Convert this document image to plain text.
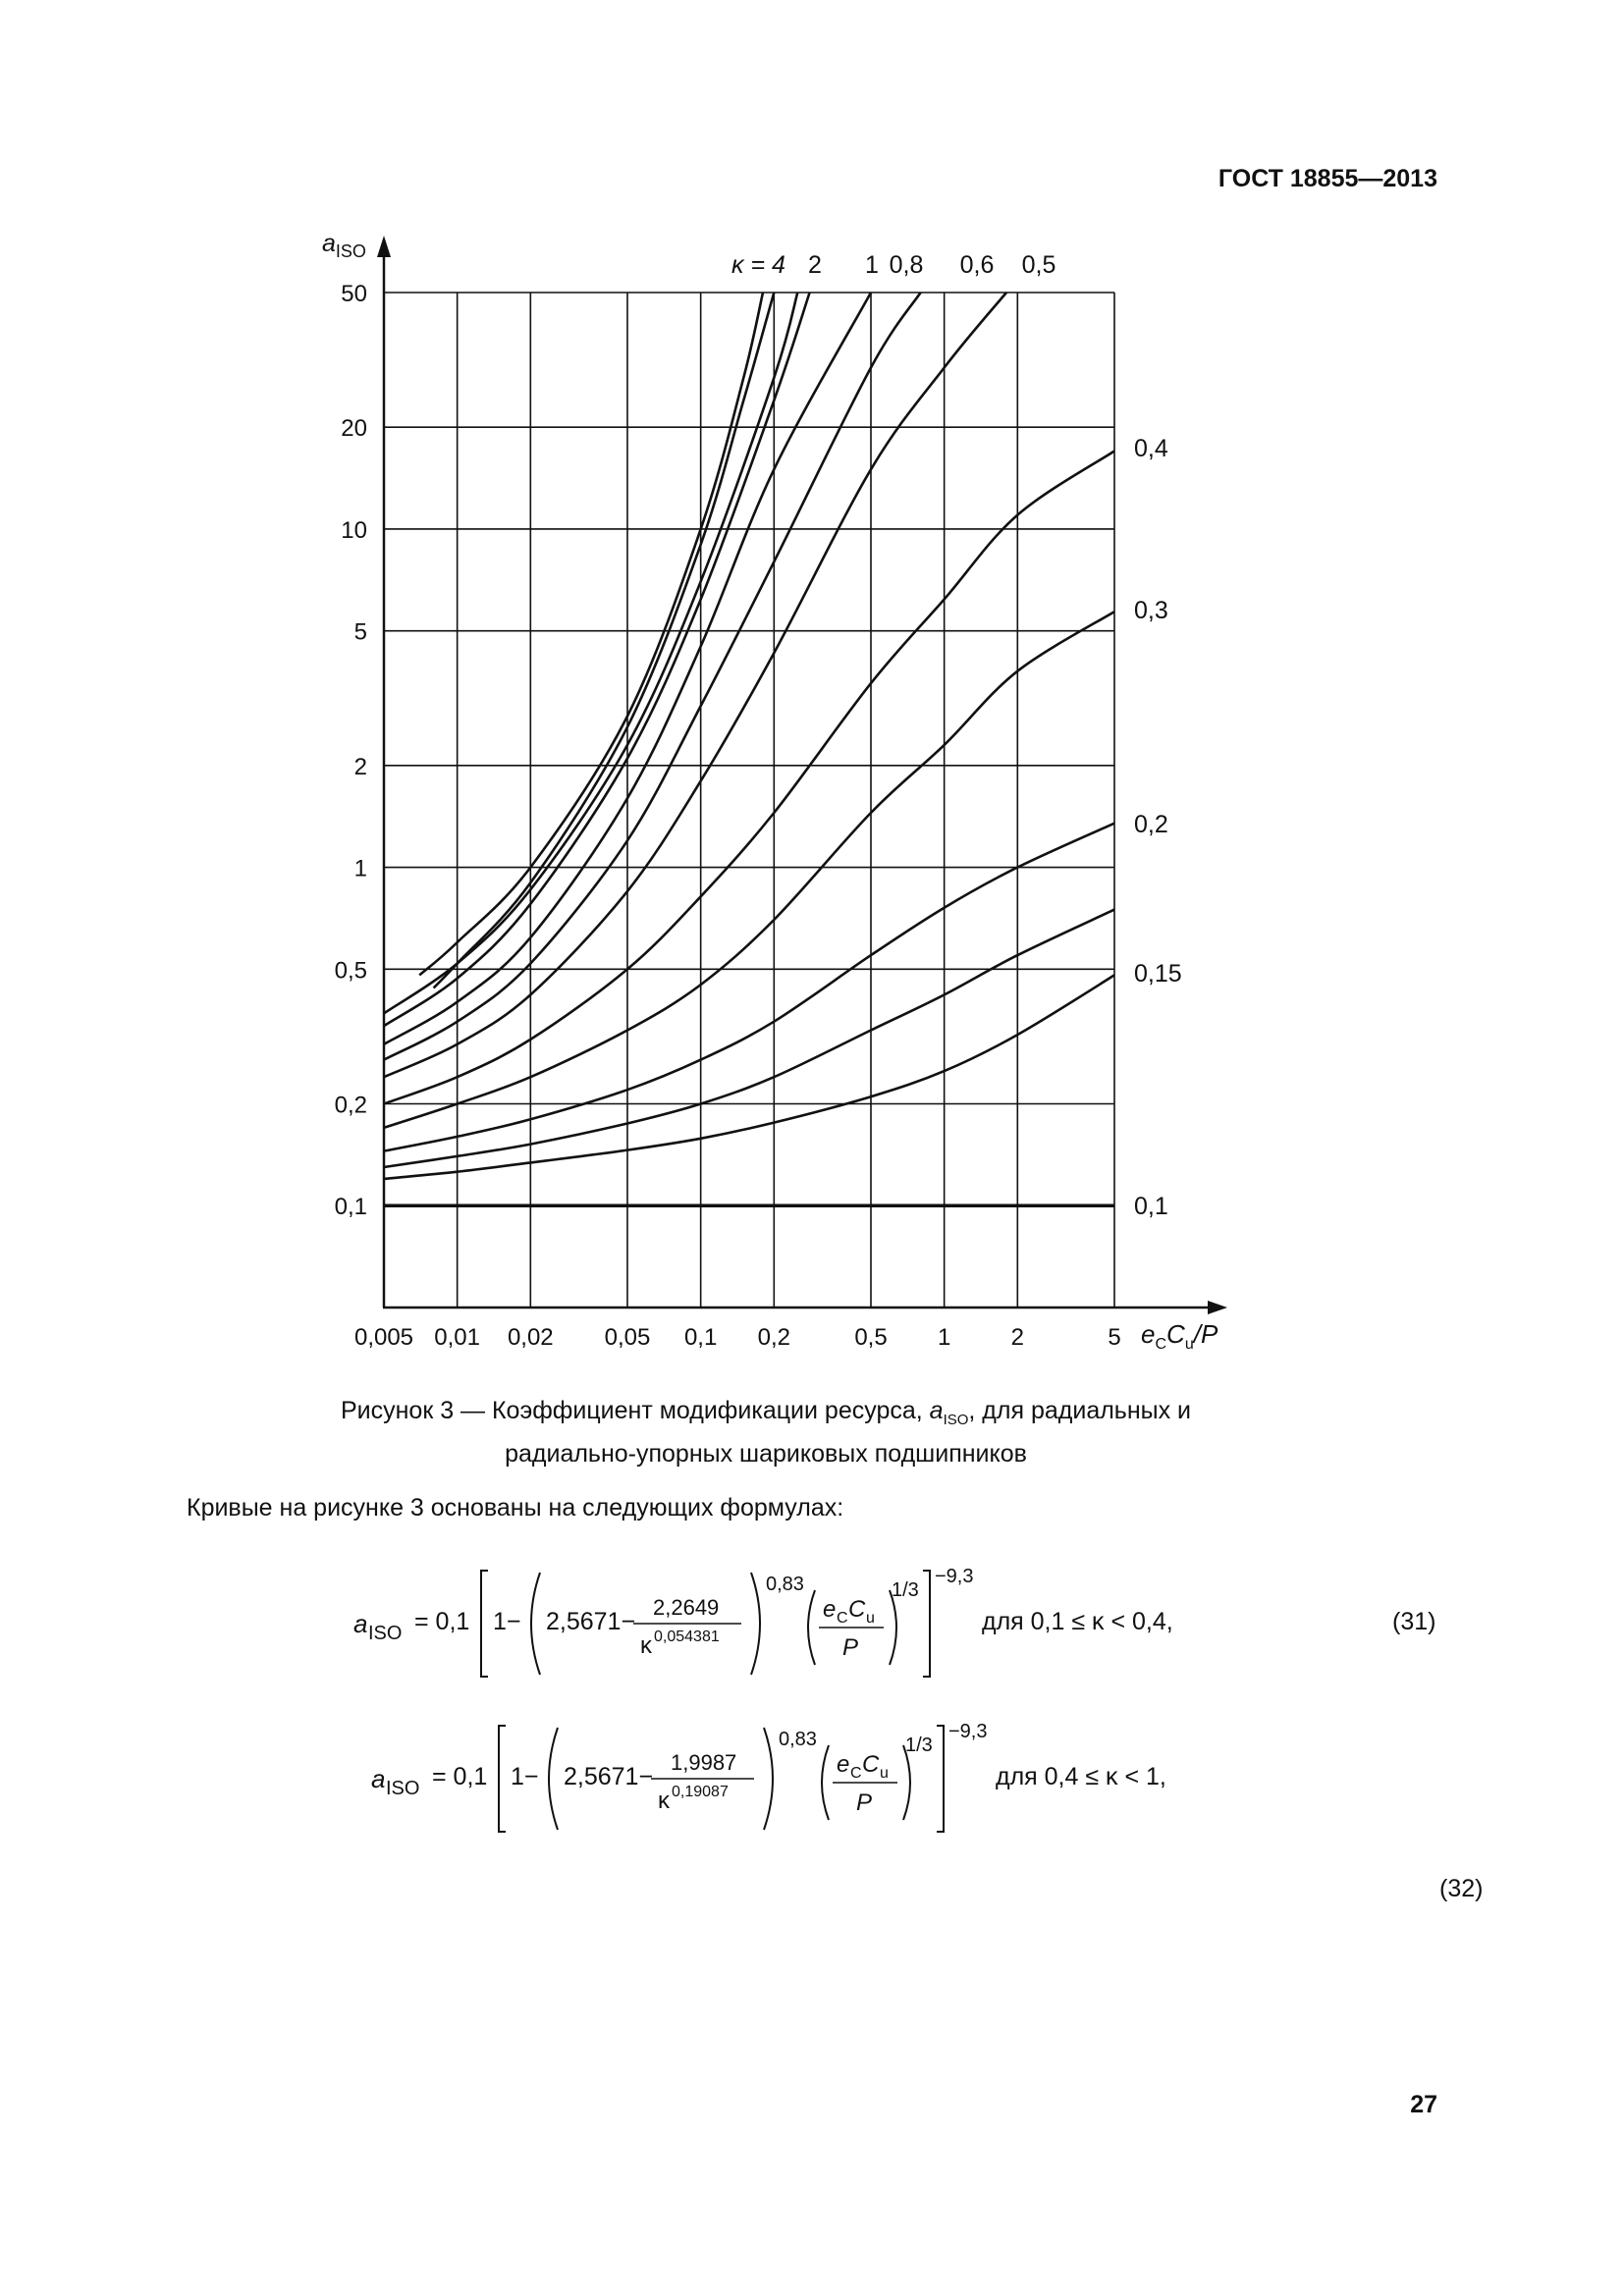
ГОСТ 18855—2013
0,005 0,01 0,02 0,05 0,1 0,2	0,5 1	2	5
0,1
0,2
0,5
1
2
5
10
20
50
$a_{ISO}$
$e_CC_u/P$
κ = 4 2 1 0,8 0,6 0,5
0,4
0,3
0,2
0,15
0,1
Рисунок 3 — Коэффициент модификации ресурса, $a_{ISO}$, для радиальных и
радиально-упорных шариковых подшипников
Кривые на рисунке 3 основаны на следующих формулах:
a ISO = 0,1 1− 2,5671−
2,2649
κ 0,054381
0,83
e C C u
P
1/3
−9,3
для 0,1 ≤ κ < 0,4,	(31)
a ISO = 0,1 1− 2,5671−
1,9987
κ 0,19087
0,83
e C C u
P
1/3
−9,3
для 0,4 ≤ κ < 1,
(32)
27
